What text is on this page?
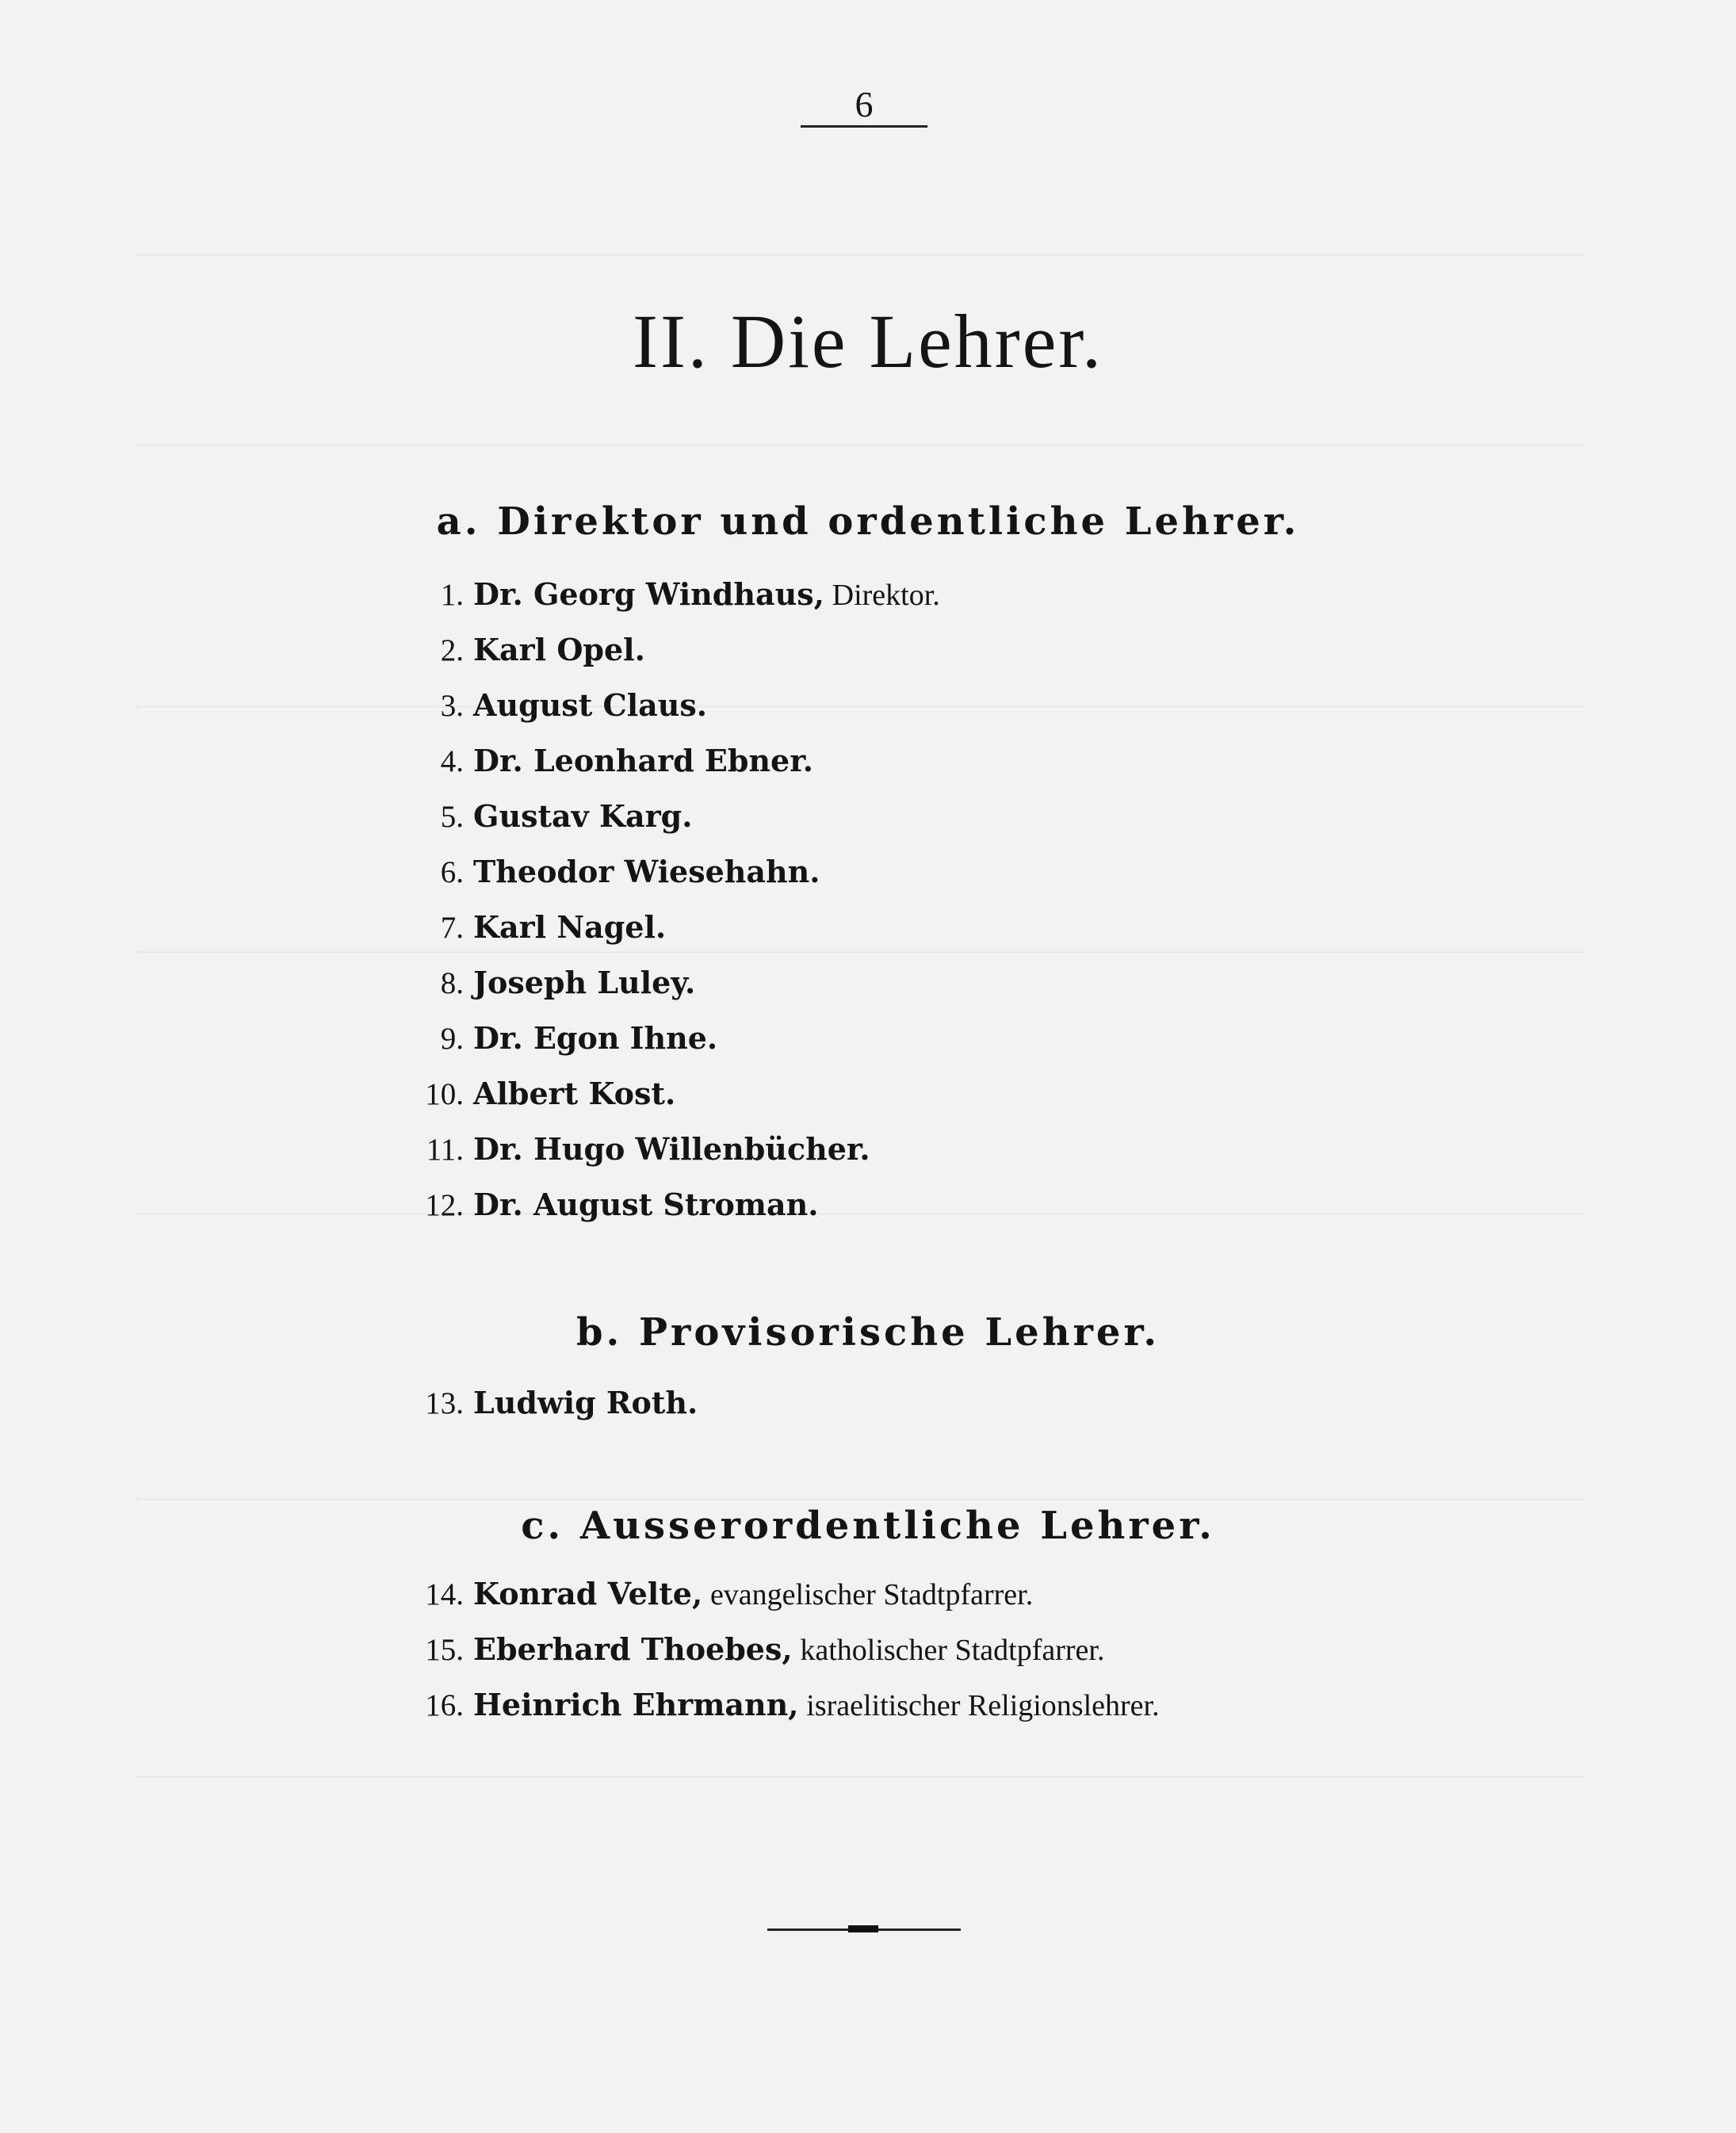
6
II. Die Lehrer.
a. Direktor und ordentliche Lehrer.
1. Dr. Georg Windhaus, Direktor.
2. Karl Opel.
3. August Claus.
4. Dr. Leonhard Ebner.
5. Gustav Karg.
6. Theodor Wiesehahn.
7. Karl Nagel.
8. Joseph Luley.
9. Dr. Egon Ihne.
10. Albert Kost.
11. Dr. Hugo Willenbücher.
12. Dr. August Stroman.
b. Provisorische Lehrer.
13. Ludwig Roth.
c. Ausserordentliche Lehrer.
14. Konrad Velte, evangelischer Stadtpfarrer.
15. Eberhard Thoebes, katholischer Stadtpfarrer.
16. Heinrich Ehrmann, israelitischer Religionslehrer.
